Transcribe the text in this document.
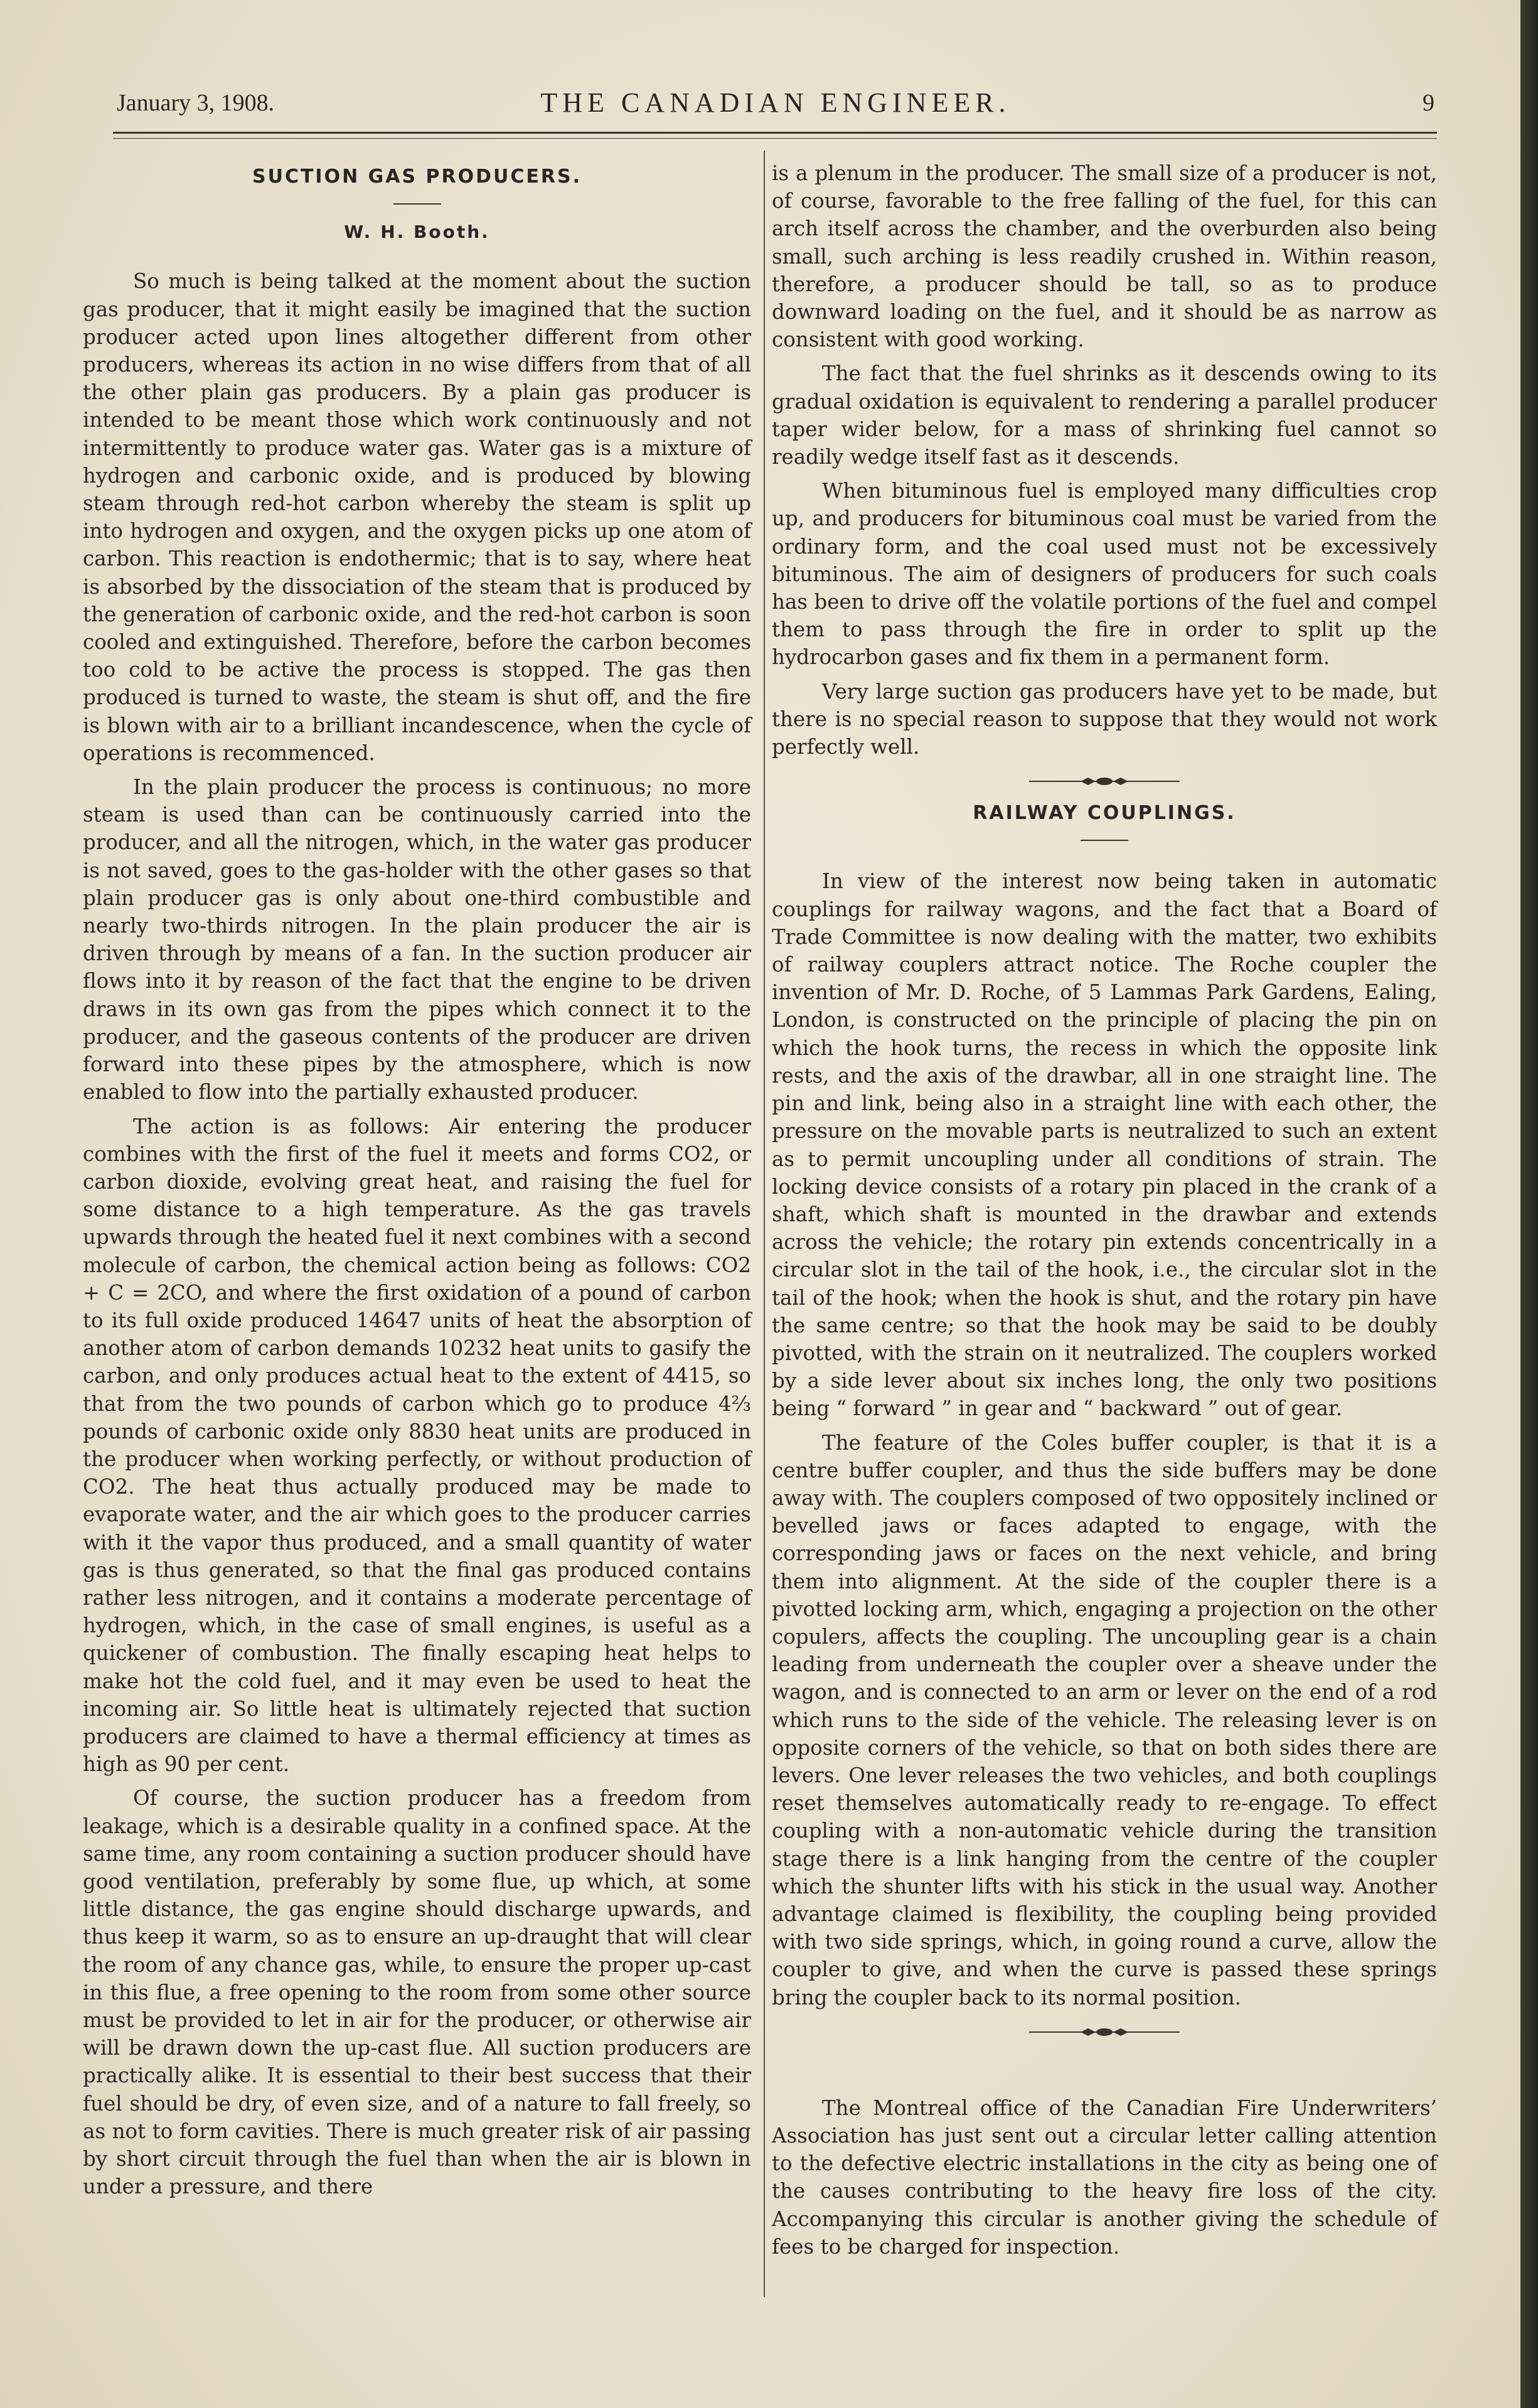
January 3, 1908.	THE CANADIAN ENGINEER.	9
SUCTION GAS PRODUCERS.
W. H. Booth.

So much is being talked at the moment about the suction gas producer, that it might easily be imagined that the suction producer acted upon lines altogether different from other producers, whereas its action in no wise differs from that of all the other plain gas producers. By a plain gas producer is intended to be meant those which work continuously and not intermittently to produce water gas. Water gas is a mixture of hydrogen and carbonic oxide, and is produced by blowing steam through red-hot carbon whereby the steam is split up into hydrogen and oxygen, and the oxygen picks up one atom of carbon. This reaction is endothermic; that is to say, where heat is absorbed by the dissociation of the steam that is produced by the generation of carbonic oxide, and the red-hot carbon is soon cooled and extinguished. Therefore, before the carbon becomes too cold to be active the process is stopped. The gas then produced is turned to waste, the steam is shut off, and the fire is blown with air to a brilliant incandescence, when the cycle of operations is recommenced.

In the plain producer the process is continuous; no more steam is used than can be continuously carried into the producer, and all the nitrogen, which, in the water gas producer is not saved, goes to the gas-holder with the other gases so that plain producer gas is only about one-third combustible and nearly two-thirds nitrogen. In the plain producer the air is driven through by means of a fan. In the suction producer air flows into it by reason of the fact that the engine to be driven draws in its own gas from the pipes which connect it to the producer, and the gaseous contents of the producer are driven forward into these pipes by the atmosphere, which is now enabled to flow into the partially exhausted producer.

The action is as follows: Air entering the producer combines with the first of the fuel it meets and forms CO2, or carbon dioxide, evolving great heat, and raising the fuel for some distance to a high temperature. As the gas travels upwards through the heated fuel it next combines with a second molecule of carbon, the chemical action being as follows: CO2 + C = 2CO, and where the first oxidation of a pound of carbon to its full oxide produced 14647 units of heat the absorption of another atom of carbon demands 10232 heat units to gasify the carbon, and only produces actual heat to the extent of 4415, so that from the two pounds of carbon which go to produce 4⅔ pounds of carbonic oxide only 8830 heat units are produced in the producer when working perfectly, or without production of CO2. The heat thus actually produced may be made to evaporate water, and the air which goes to the producer carries with it the vapor thus produced, and a small quantity of water gas is thus generated, so that the final gas produced contains rather less nitrogen, and it contains a moderate percentage of hydrogen, which, in the case of small engines, is useful as a quickener of combustion. The finally escaping heat helps to make hot the cold fuel, and it may even be used to heat the incoming air. So little heat is ultimately rejected that suction producers are claimed to have a thermal efficiency at times as high as 90 per cent.

Of course, the suction producer has a freedom from leakage, which is a desirable quality in a confined space. At the same time, any room containing a suction producer should have good ventilation, preferably by some flue, up which, at some little distance, the gas engine should discharge upwards, and thus keep it warm, so as to ensure an up-draught that will clear the room of any chance gas, while, to ensure the proper up-cast in this flue, a free opening to the room from some other source must be provided to let in air for the producer, or otherwise air will be drawn down the up-cast flue. All suction producers are practically alike. It is essential to their best success that their fuel should be dry, of even size, and of a nature to fall freely, so as not to form cavities. There is much greater risk of air passing by short circuit through the fuel than when the air is blown in under a pressure, and there

is a plenum in the producer. The small size of a producer is not, of course, favorable to the free falling of the fuel, for this can arch itself across the chamber, and the overburden also being small, such arching is less readily crushed in. Within reason, therefore, a producer should be tall, so as to produce downward loading on the fuel, and it should be as narrow as consistent with good working.

The fact that the fuel shrinks as it descends owing to its gradual oxidation is equivalent to rendering a parallel producer taper wider below, for a mass of shrinking fuel cannot so readily wedge itself fast as it descends.

When bituminous fuel is employed many difficulties crop up, and producers for bituminous coal must be varied from the ordinary form, and the coal used must not be excessively bituminous. The aim of designers of producers for such coals has been to drive off the volatile portions of the fuel and compel them to pass through the fire in order to split up the hydrocarbon gases and fix them in a permanent form.

Very large suction gas producers have yet to be made, but there is no special reason to suppose that they would not work perfectly well.

RAILWAY COUPLINGS.

In view of the interest now being taken in automatic couplings for railway wagons, and the fact that a Board of Trade Committee is now dealing with the matter, two exhibits of railway couplers attract notice. The Roche coupler the invention of Mr. D. Roche, of 5 Lammas Park Gardens, Ealing, London, is constructed on the principle of placing the pin on which the hook turns, the recess in which the opposite link rests, and the axis of the drawbar, all in one straight line. The pin and link, being also in a straight line with each other, the pressure on the movable parts is neutralized to such an extent as to permit uncoupling under all conditions of strain. The locking device consists of a rotary pin placed in the crank of a shaft, which shaft is mounted in the drawbar and extends across the vehicle; the rotary pin extends concentrically in a circular slot in the tail of the hook, i.e., the circular slot in the tail of the hook; when the hook is shut, and the rotary pin have the same centre; so that the hook may be said to be doubly pivotted, with the strain on it neutralized. The couplers worked by a side lever about six inches long, the only two positions being “ forward ” in gear and “ backward ” out of gear.

The feature of the Coles buffer coupler, is that it is a centre buffer coupler, and thus the side buffers may be done away with. The couplers composed of two oppositely inclined or bevelled jaws or faces adapted to engage, with the corresponding jaws or faces on the next vehicle, and bring them into alignment. At the side of the coupler there is a pivotted locking arm, which, engaging a projection on the other copulers, affects the coupling. The uncoupling gear is a chain leading from underneath the coupler over a sheave under the wagon, and is connected to an arm or lever on the end of a rod which runs to the side of the vehicle. The releasing lever is on opposite corners of the vehicle, so that on both sides there are levers. One lever releases the two vehicles, and both couplings reset themselves automatically ready to re-engage. To effect coupling with a non-automatic vehicle during the transition stage there is a link hanging from the centre of the coupler which the shunter lifts with his stick in the usual way. Another advantage claimed is flexibility, the coupling being provided with two side springs, which, in going round a curve, allow the coupler to give, and when the curve is passed these springs bring the coupler back to its normal position.

The Montreal office of the Canadian Fire Underwriters’ Association has just sent out a circular letter calling attention to the defective electric installations in the city as being one of the causes contributing to the heavy fire loss of the city. Accompanying this circular is another giving the schedule of fees to be charged for inspection.
